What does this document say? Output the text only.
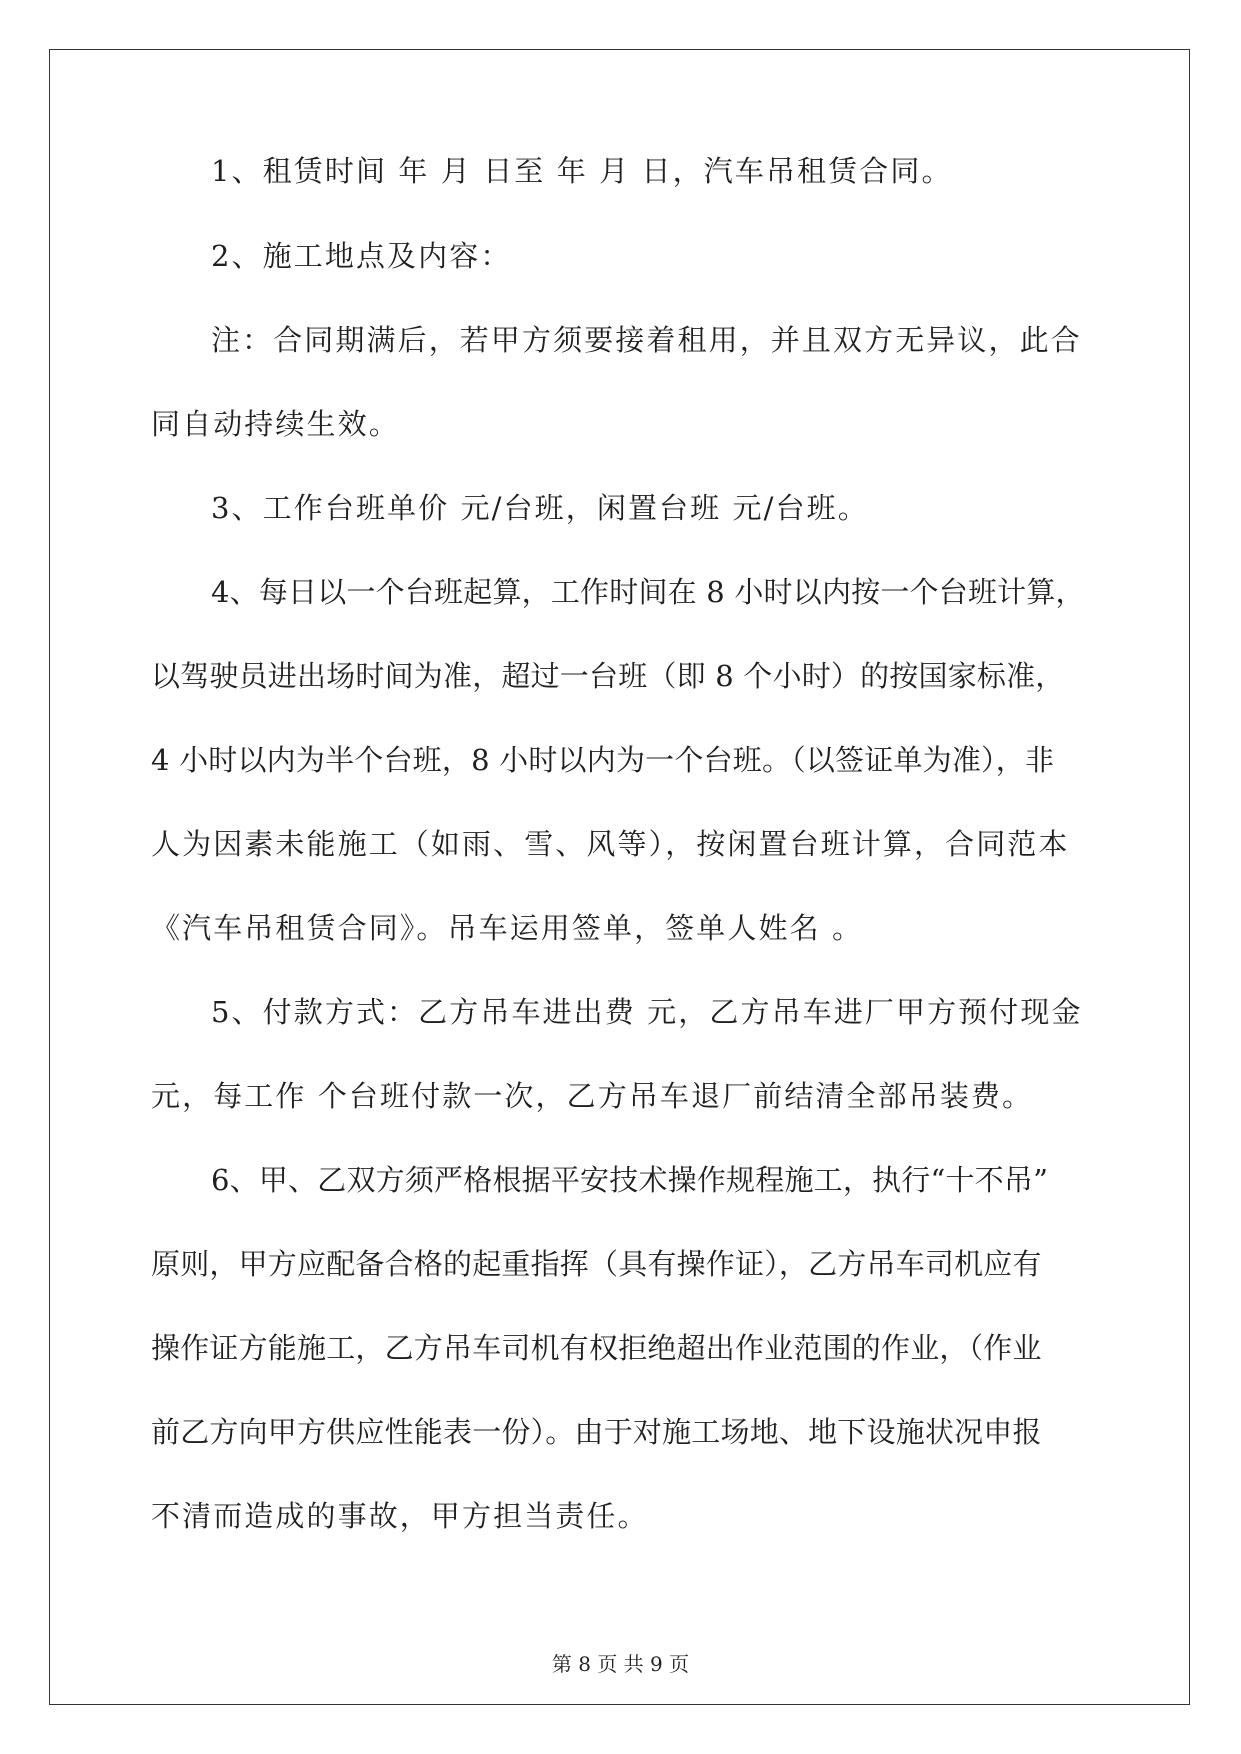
1、租赁时间 年 月 日至 年 月 日，汽车吊租赁合同。
2、施工地点及内容：
注：合同期满后，若甲方须要接着租用，并且双方无异议，此合
同自动持续生效。
3、工作台班单价 元/台班，闲置台班 元/台班。
4、每日以一个台班起算，工作时间在 8 小时以内按一个台班计算，
以驾驶员进出场时间为准，超过一台班（即 8 个小时）的按国家标准，
4 小时以内为半个台班，8 小时以内为一个台班。（以签证单为准），非
人为因素未能施工（如雨、雪、风等），按闲置台班计算，合同范本
《汽车吊租赁合同》。吊车运用签单，签单人姓名 。
5、付款方式：乙方吊车进出费 元，乙方吊车进厂甲方预付现金
元，每工作 个台班付款一次，乙方吊车退厂前结清全部吊装费。
6、甲、乙双方须严格根据平安技术操作规程施工，执行“十不吊”
原则，甲方应配备合格的起重指挥（具有操作证），乙方吊车司机应有
操作证方能施工，乙方吊车司机有权拒绝超出作业范围的作业，（作业
前乙方向甲方供应性能表一份）。由于对施工场地、地下设施状况申报
不清而造成的事故，甲方担当责任。
第 8 页 共 9 页
